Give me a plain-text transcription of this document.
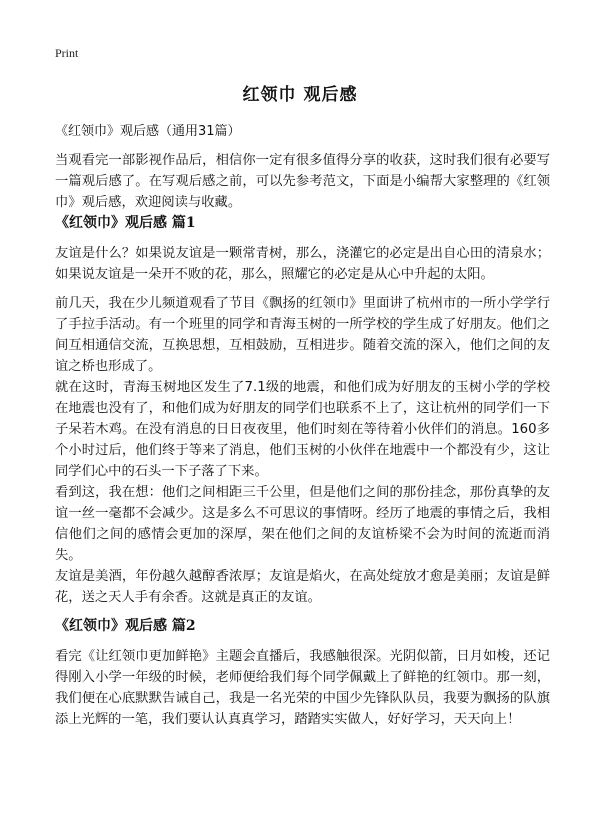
Print
红领巾 观后感
《红领巾》观后感（通用31篇）

当观看完一部影视作品后，相信你一定有很多值得分享的收获，这时我们很有必要写一篇观后感了。在写观后感之前，可以先参考范文，下面是小编帮大家整理的《红领巾》观后感，欢迎阅读与收藏。

《红领巾》观后感 篇1

友谊是什么？如果说友谊是一颗常青树，那么，浇灌它的必定是出自心田的清泉水；如果说友谊是一朵开不败的花，那么，照耀它的必定是从心中升起的太阳。

前几天，我在少儿频道观看了节目《飘扬的红领巾》里面讲了杭州市的一所小学学行了手拉手活动。有一个班里的同学和青海玉树的一所学校的学生成了好朋友。他们之间互相通信交流，互换思想，互相鼓励，互相进步。随着交流的深入，他们之间的友谊之桥也形成了。

就在这时，青海玉树地区发生了7.1级的地震，和他们成为好朋友的玉树小学的学校在地震也没有了，和他们成为好朋友的同学们也联系不上了，这让杭州的同学们一下子呆若木鸡。在没有消息的日日夜夜里，他们时刻在等待着小伙伴们的消息。160多个小时过后，他们终于等来了消息，他们玉树的小伙伴在地震中一个都没有少，这让同学们心中的石头一下子落了下来。

看到这，我在想：他们之间相距三千公里，但是他们之间的那份挂念，那份真挚的友谊一丝一毫都不会减少。这是多么不可思议的事情呀。经历了地震的事情之后，我相信他们之间的感情会更加的深厚，架在他们之间的友谊桥梁不会为时间的流逝而消失。

友谊是美酒，年份越久越醇香浓厚；友谊是焰火，在高处绽放才愈是美丽；友谊是鲜花，送之天人手有余香。这就是真正的友谊。

《红领巾》观后感 篇2

看完《让红领巾更加鲜艳》主题会直播后，我感触很深。光阴似箭，日月如梭，还记得刚入小学一年级的时候，老师便给我们每个同学佩戴上了鲜艳的红领巾。那一刻，我们便在心底默默告诫自己，我是一名光荣的中国少先锋队队员，我要为飘扬的队旗添上光辉的一笔，我们要认认真真学习，踏踏实实做人，好好学习，天天向上！
